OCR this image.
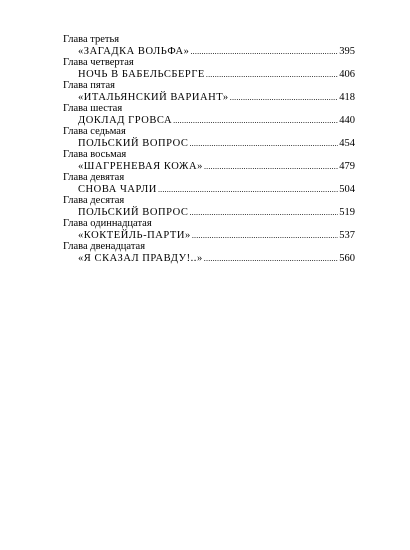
Глава третья
«ЗАГАДКА ВОЛЬФА» .....	395
Глава четвертая
НОЧЬ В БАБЕЛЬСБЕРГЕ .....	406
Глава пятая
«ИТАЛЬЯНСКИЙ ВАРИАНТ» .....	418
Глава шестая
ДОКЛАД ГРОВСА .....	440
Глава седьмая
ПОЛЬСКИЙ ВОПРОС .....	454
Глава восьмая
«ШАГРЕНЕВАЯ КОЖА» .....	479
Глава девятая
СНОВА ЧАРЛИ .....	504
Глава десятая
ПОЛЬСКИЙ ВОПРОС .....	519
Глава одиннадцатая
«КОКТЕЙЛЬ-ПАРТИ» .....	537
Глава двенадцатая
«Я СКАЗАЛ ПРАВДУ!..» .....	560
